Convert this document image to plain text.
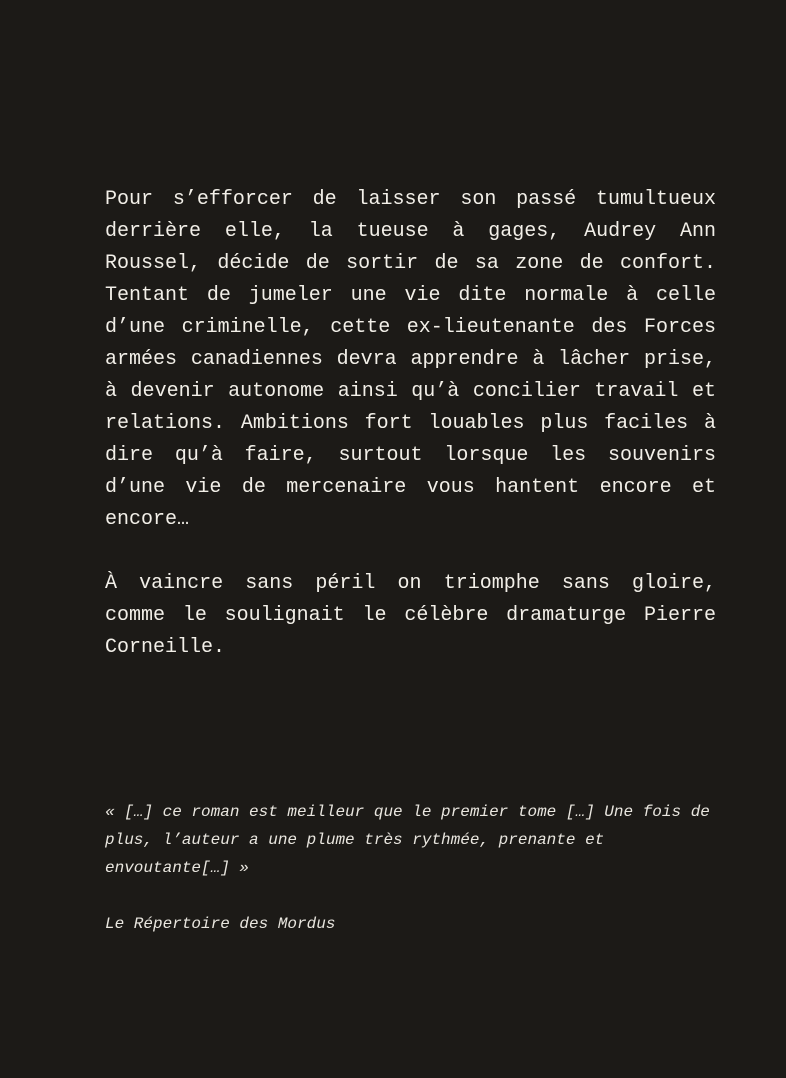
Pour s’efforcer de laisser son passé tumultueux derrière elle, la tueuse à gages, Audrey Ann Roussel, décide de sortir de sa zone de confort. Tentant de jumeler une vie dite normale à celle d’une criminelle, cette ex-lieutenante des Forces armées canadiennes devra apprendre à lâcher prise, à devenir autonome ainsi qu’à concilier travail et relations. Ambitions fort louables plus faciles à dire qu’à faire, surtout lorsque les souvenirs d’une vie de mercenaire vous hantent encore et encore…

À vaincre sans péril on triomphe sans gloire, comme le soulignait le célèbre dramaturge Pierre Corneille.

« […] ce roman est meilleur que le premier tome […] Une fois de plus, l’auteur a une plume très rythmée, prenante et envoutante[…] »

Le Répertoire des Mordus
